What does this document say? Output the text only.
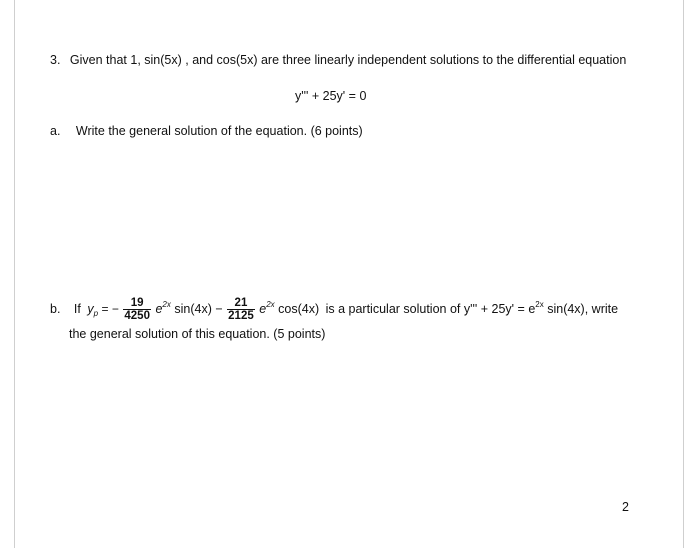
3. Given that 1, sin(5x) , and cos(5x) are three linearly independent solutions to the differential equation
y''' + 25y' = 0
a. Write the general solution of the equation. (6 points)
b. If $y_p$ = − $\frac{19}{4250} e^{2x}$ $\sin(4x) - \frac{21}{2125} e^{2x}$ cos(4x) is a particular solution of $y''' + 25y' = e^{2x}$ sin(4x), write
the general solution of this equation. (5 points)
2
